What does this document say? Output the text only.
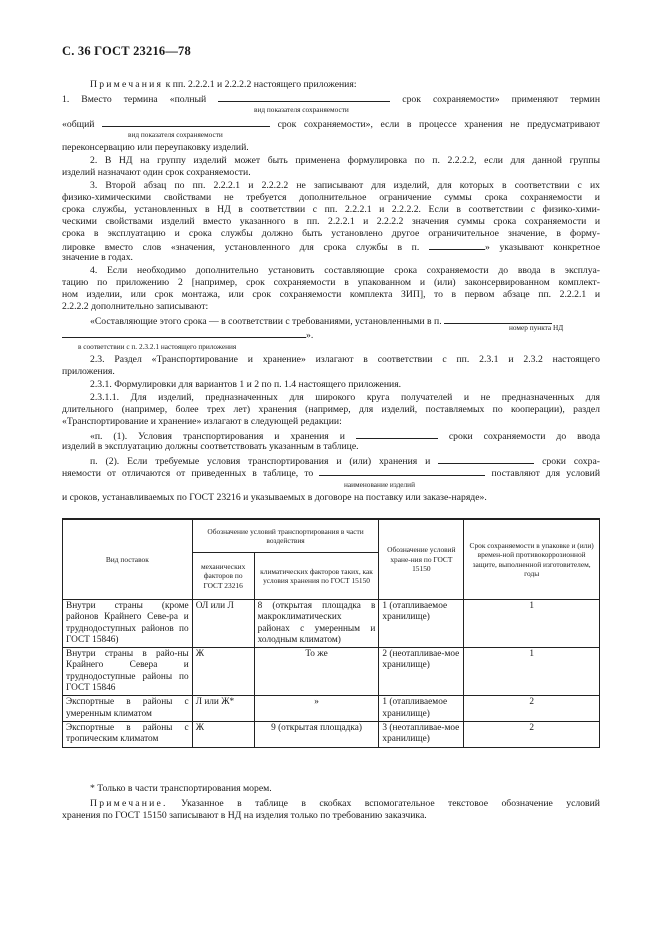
С. 36 ГОСТ 23216—78
Примечания к пп. 2.2.2.1 и 2.2.2.2 настоящего приложения:
1. Вместо термина «полный	срок сохраняемости» применяют термин
вид показателя сохраняемости
«общий	срок сохраняемости», если в процессе хранения не предусматривают
вид показателя сохраняемости
переконсервацию или переупаковку изделий.
2. В НД на группу изделий может быть применена формулировка по п. 2.2.2.2, если для данной группы
изделий назначают один срок сохраняемости.
3. Второй абзац по пп. 2.2.2.1 и 2.2.2.2 не записывают для изделий, для которых в соответствии с их
физико-химическими свойствами не требуется дополнительное ограничение суммы срока сохраняемости и
срока службы, установленных в НД в соответствии с пп. 2.2.2.1 и 2.2.2.2. Если в соответствии с физико-хими-
ческими свойствами изделий вместо указанного в пп. 2.2.2.1 и 2.2.2.2 значения суммы срока сохраняемости и
срока в эксплуатацию и срока службы должно быть установлено другое ограничительное значение, в форму-
лировке вместо слов «значения, установленного для срока службы в п.	» указывают конкретное
значение в годах.
4. Если необходимо дополнительно установить составляющие срока сохраняемости до ввода в эксплуа-
тацию по приложению 2 [например, срок сохраняемости в упакованном и (или) законсервированном комплект-
ном изделии, или срок монтажа, или срок сохраняемости комплекта ЗИП], то в первом абзаце пп. 2.2.2.1 и
2.2.2.2 дополнительно записывают:
«Составляющие этого срока — в соответствии с требованиями, установленными в п.
номер пункта НД
».
в соответствии с п. 2.3.2.1 настоящего приложения
2.3. Раздел «Транспортирование и хранение» излагают в соответствии с пп. 2.3.1 и 2.3.2 настоящего
приложения.
2.3.1. Формулировки для вариантов 1 и 2 по п. 1.4 настоящего приложения.
2.3.1.1. Для изделий, предназначенных для широкого круга получателей и не предназначенных для
длительного (например, более трех лет) хранения (например, для изделий, поставляемых по кооперации), раздел
«Транспортирование и хранение» излагают в следующей редакции:
«п. (1). Условия транспортирования и хранения и	сроки сохраняемости до ввода
изделий в эксплуатацию должны соответствовать указанным в таблице.
п. (2). Если требуемые условия транспортирования и (или) хранения и	сроки сохра-
няемости от отличаются от приведенных в таблице, то	поставляют для условий
наименование изделий
и сроков, устанавливаемых по ГОСТ 23216 и указываемых в договоре на поставку или заказе-наряде».
Вид поставок	Обозначение условий транспортирования в части воздействия		Обозначение условий хране-ния по ГОСТ 15150	Срок сохраняемости в упаковке и (или) времен-ной противокоррозионной защите, выполненной изготовителем, годы
	механических факторов по ГОСТ 23216	климатических факторов таких, как условия хранения по ГОСТ 15150		
Внутри страны (кроме районов Крайнего Севе-ра и труднодоступных районов по ГОСТ 15846)	ОЛ или Л	8 (открытая площадка в макроклиматических районах с умеренным и холодным климатом)	1 (отапливаемое хранилище)	1
Внутри страны в райо-ны Крайнего Севера и труднодоступные районы по ГОСТ 15846	Ж	То же	2 (неотапливае-мое хранилище)	1
Экспортные в районы с умеренным климатом	Л или Ж*	»	1 (отапливаемое хранилище)	2
Экспортные в районы с тропическим климатом	Ж	9 (открытая площадка)	3 (неотапливае-мое хранилище)	2
* Только в части транспортирования морем.
Примечание. Указанное в таблице в скобках вспомогательное текстовое обозначение условий
хранения по ГОСТ 15150 записывают в НД на изделия только по требованию заказчика.
